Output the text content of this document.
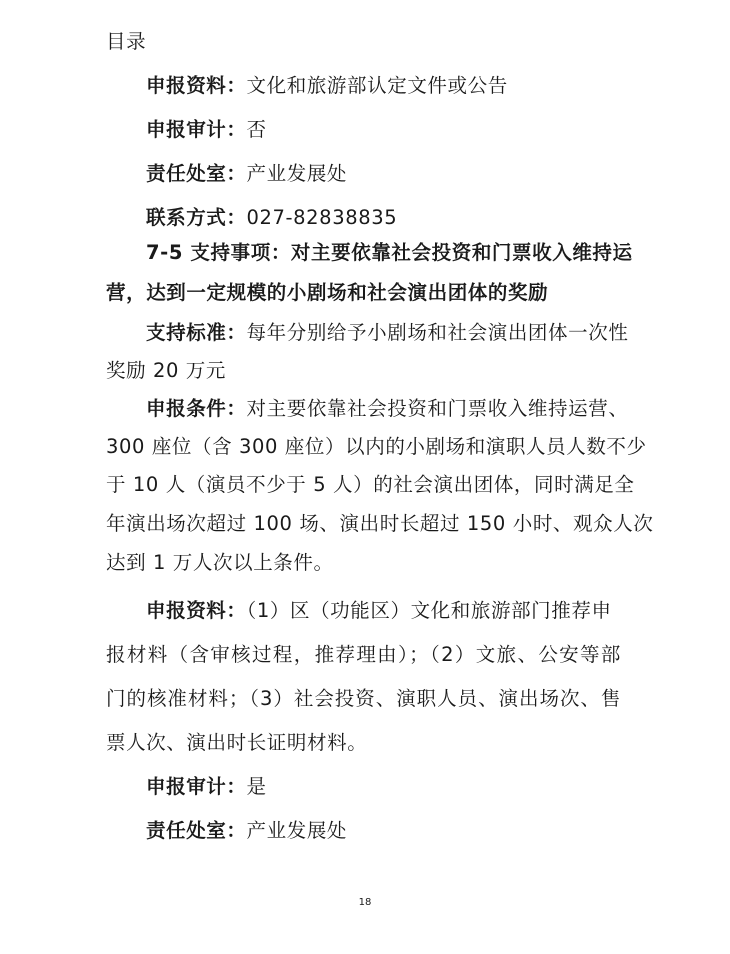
目录
申报资料：文化和旅游部认定文件或公告
申报审计：否
责任处室：产业发展处
联系方式：027-82838835
7-5 支持事项：对主要依靠社会投资和门票收入维持运
营，达到一定规模的小剧场和社会演出团体的奖励
支持标准：每年分别给予小剧场和社会演出团体一次性
奖励 20 万元
申报条件：对主要依靠社会投资和门票收入维持运营、
300 座位（含 300 座位）以内的小剧场和演职人员人数不少
于 10 人（演员不少于 5 人）的社会演出团体，同时满足全
年演出场次超过 100 场、演出时长超过 150 小时、观众人次
达到 1 万人次以上条件。
申报资料：（1）区（功能区）文化和旅游部门推荐申
报材料（含审核过程，推荐理由）；（2）文旅、公安等部
门的核准材料；（3）社会投资、演职人员、演出场次、售
票人次、演出时长证明材料。
申报审计：是
责任处室：产业发展处
18
